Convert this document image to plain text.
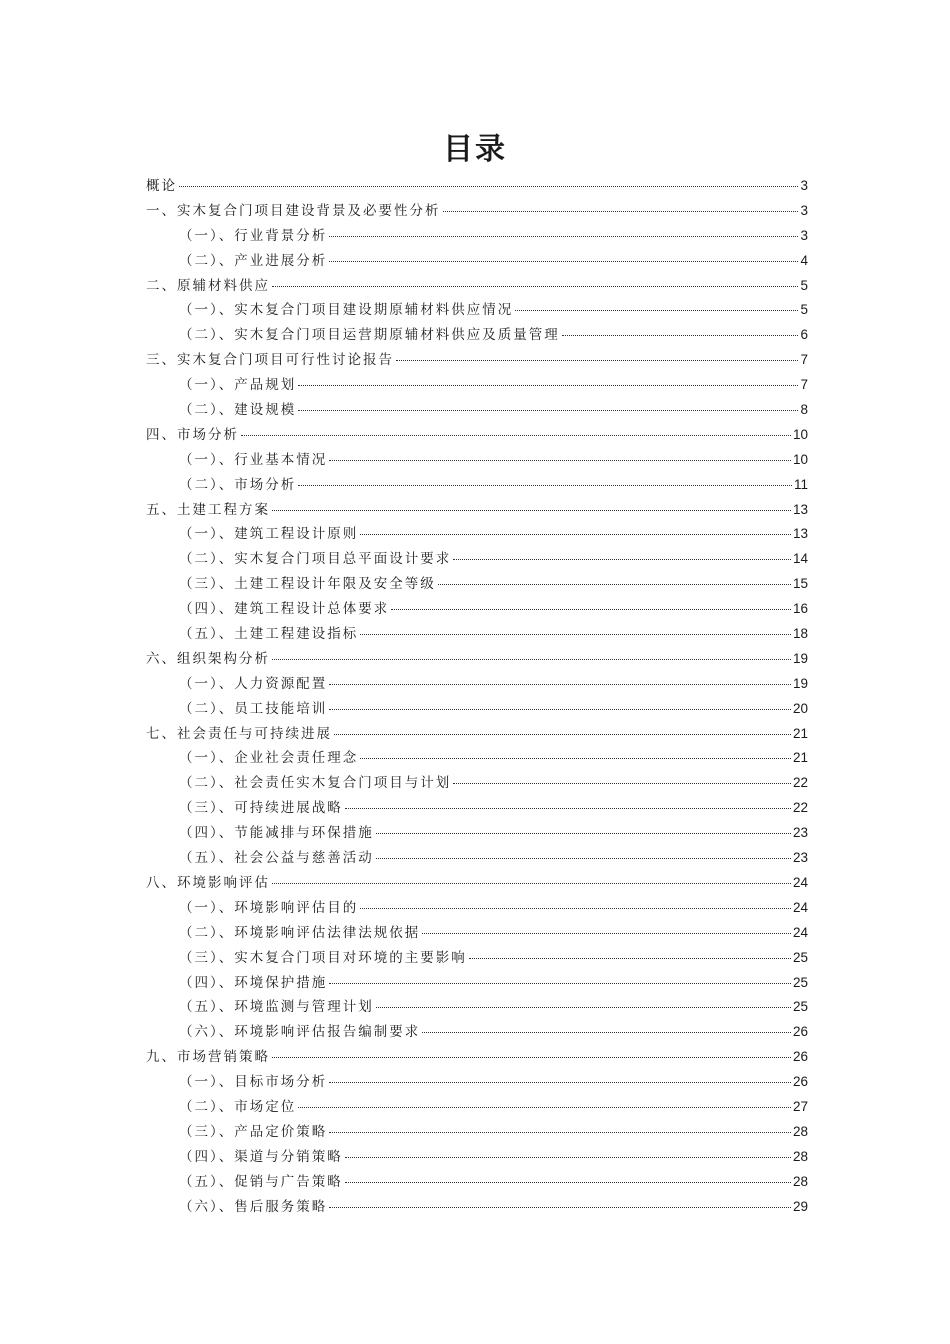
目录
概论	3
一、实木复合门项目建设背景及必要性分析	3
（一）、行业背景分析	3
（二）、产业进展分析	4
二、原辅材料供应	5
（一）、实木复合门项目建设期原辅材料供应情况	5
（二）、实木复合门项目运营期原辅材料供应及质量管理	6
三、实木复合门项目可行性讨论报告	7
（一）、产品规划	7
（二）、建设规模	8
四、市场分析	10
（一）、行业基本情况	10
（二）、市场分析	11
五、土建工程方案	13
（一）、建筑工程设计原则	13
（二）、实木复合门项目总平面设计要求	14
（三）、土建工程设计年限及安全等级	15
（四）、建筑工程设计总体要求	16
（五）、土建工程建设指标	18
六、组织架构分析	19
（一）、人力资源配置	19
（二）、员工技能培训	20
七、社会责任与可持续进展	21
（一）、企业社会责任理念	21
（二）、社会责任实木复合门项目与计划	22
（三）、可持续进展战略	22
（四）、节能减排与环保措施	23
（五）、社会公益与慈善活动	23
八、环境影响评估	24
（一）、环境影响评估目的	24
（二）、环境影响评估法律法规依据	24
（三）、实木复合门项目对环境的主要影响	25
（四）、环境保护措施	25
（五）、环境监测与管理计划	25
（六）、环境影响评估报告编制要求	26
九、市场营销策略	26
（一）、目标市场分析	26
（二）、市场定位	27
（三）、产品定价策略	28
（四）、渠道与分销策略	28
（五）、促销与广告策略	28
（六）、售后服务策略	29
